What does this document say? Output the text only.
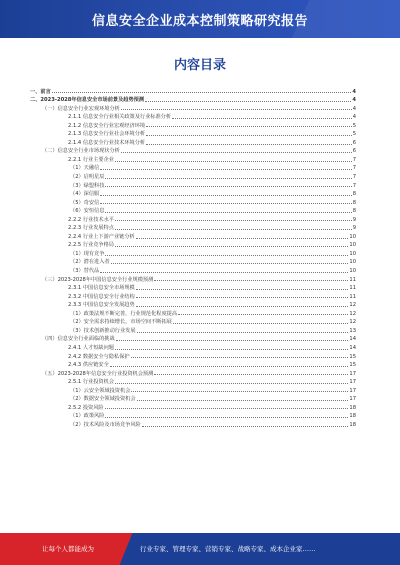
信息安全企业成本控制策略研究报告
内容目录
一、前言	4
二、2023-2028年信息安全市场前景及趋势预测	4
（一）信息安全行业宏观环境分析	4
2.1.1 信息安全行业相关政策及行业标准分析	4
2.1.2 信息安全行业宏观经济环境	5
2.1.3 信息安全行业社会环境分析	5
2.1.4 信息安全行业技术环境分析	6
（二）信息安全行业市场现状分析	6
2.2.1 行业主要企业	7
（1）天融信	7
（2）启明星辰	7
（3）绿盟科技	7
（4）深信服	8
（5）奇安信	8
（6）安恒信息	8
2.2.2 行业技术水平	9
2.2.3 行业发展特点	9
2.2.4 行业上下游产业链分析	10
2.2.5 行业竞争格局	10
（1）现有竞争	10
（2）潜在进入者	10
（3）替代品	10
（三）2023-2028年中国信息安全行业规模预测	11
2.3.1 中国信息安全市场规模	11
2.3.2 中国信息安全行业结构	11
2.3.3 中国信息安全发展趋势	12
（1）政策法规不断完善，行业规范化程度提高	12
（2）安全需求持续增长，市场空间不断拓展	12
（3）技术创新推动行业发展	13
（四）信息安全行业面临的挑战	14
2.4.1 人才短缺问题	14
2.4.2 数据安全与隐私保护	15
2.4.3 供应链安全	15
（五）2023-2028年信息安全行业投资机会预测	17
2.5.1 行业投资机会	17
（1）云安全领域投资机会	17
（2）数据安全领域投资机会	17
2.5.2 投资风险	18
（1）政策风险	18
（2）技术风险及市场竞争风险	18
让每个人都能成为	行业专家、管理专家、营销专家、战略专家、成本企业家……
